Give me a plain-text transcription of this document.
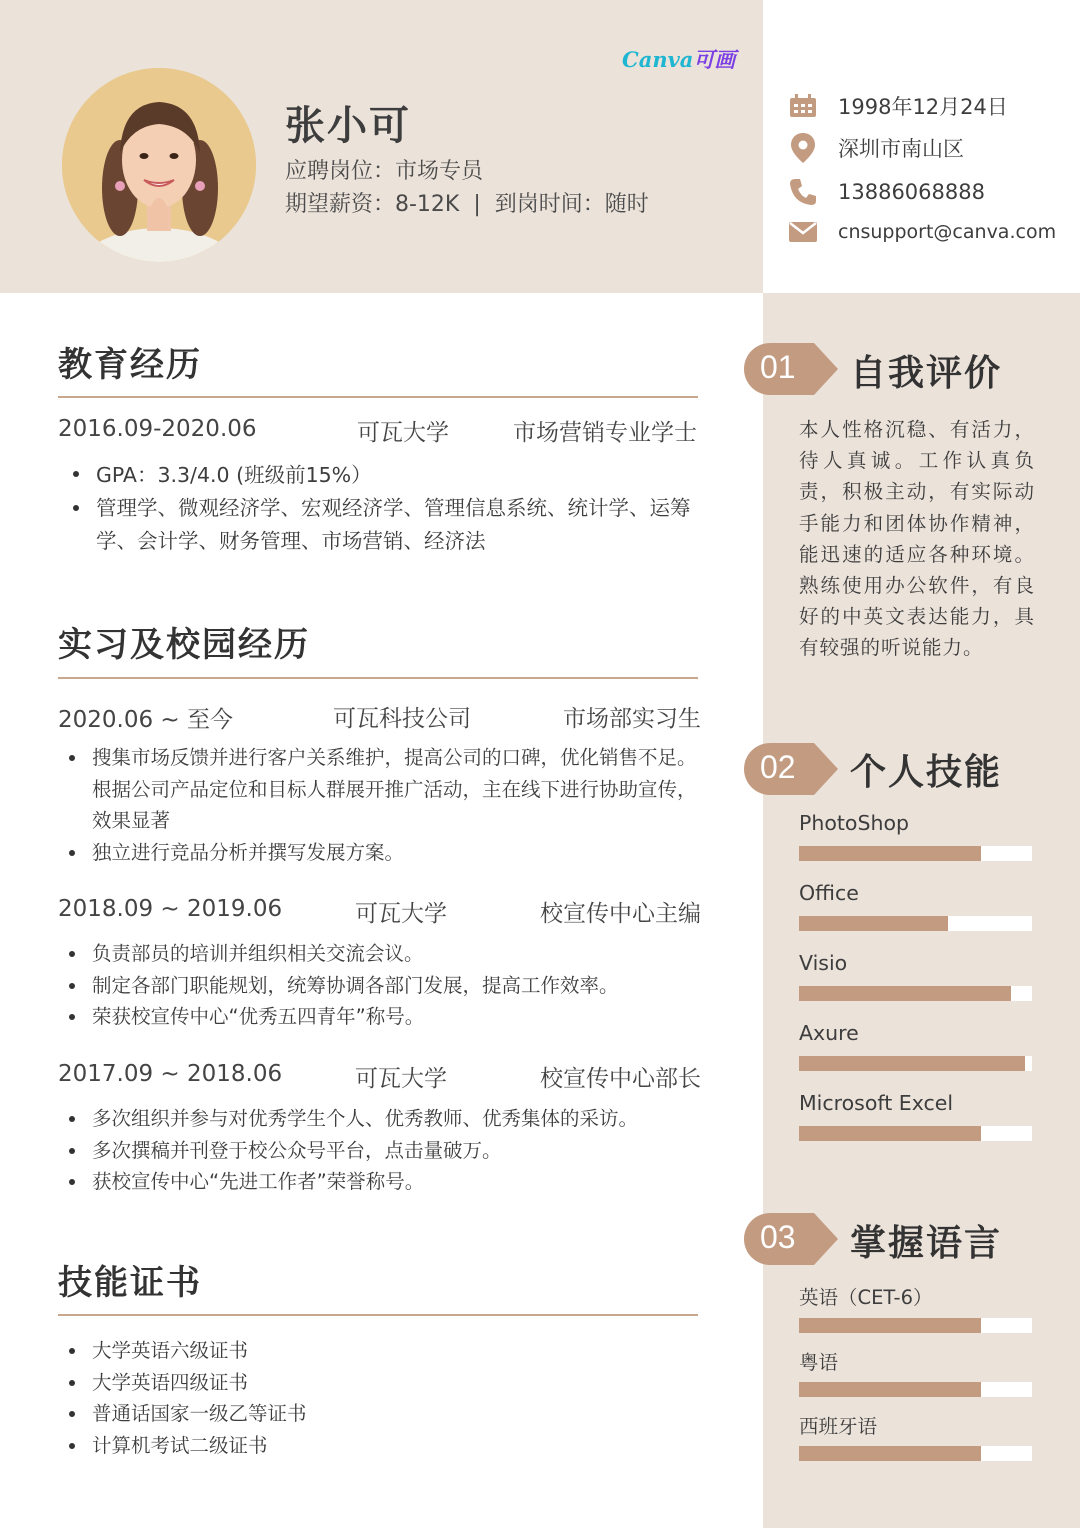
Canva可画
张小可
应聘岗位：市场专员
期望薪资：8-12K  |  到岗时间：随时
1998年12月24日
深圳市南山区
13886068888
cnsupport@canva.com
教育经历
2016.09-2020.06	可瓦大学	市场营销专业学士
GPA：3.3/4.0 (班级前15%）
管理学、微观经济学、宏观经济学、管理信息系统、统计学、运筹学、会计学、财务管理、市场营销、经济法
实习及校园经历
2020.06 ~ 至今	可瓦科技公司	市场部实习生
搜集市场反馈并进行客户关系维护，提高公司的口碑，优化销售不足。根据公司产品定位和目标人群展开推广活动，主在线下进行协助宣传，效果显著
独立进行竞品分析并撰写发展方案。
2018.09 ~ 2019.06	可瓦大学	校宣传中心主编
负责部员的培训并组织相关交流会议。
制定各部门职能规划，统筹协调各部门发展，提高工作效率。
荣获校宣传中心“优秀五四青年”称号。
2017.09 ~ 2018.06	可瓦大学	校宣传中心部长
多次组织并参与对优秀学生个人、优秀教师、优秀集体的采访。
多次撰稿并刊登于校公众号平台，点击量破万。
获校宣传中心“先进工作者”荣誉称号。
技能证书
大学英语六级证书
大学英语四级证书
普通话国家一级乙等证书
计算机考试二级证书
01 自我评价
本人性格沉稳、有活力，待人真诚。工作认真负责，积极主动，有实际动手能力和团体协作精神，能迅速的适应各种环境。熟练使用办公软件，有良好的中英文表达能力，具有较强的听说能力。
02 个人技能
PhotoShop
Office
Visio
Axure
Microsoft Excel
03 掌握语言
英语（CET-6）
粤语
西班牙语
